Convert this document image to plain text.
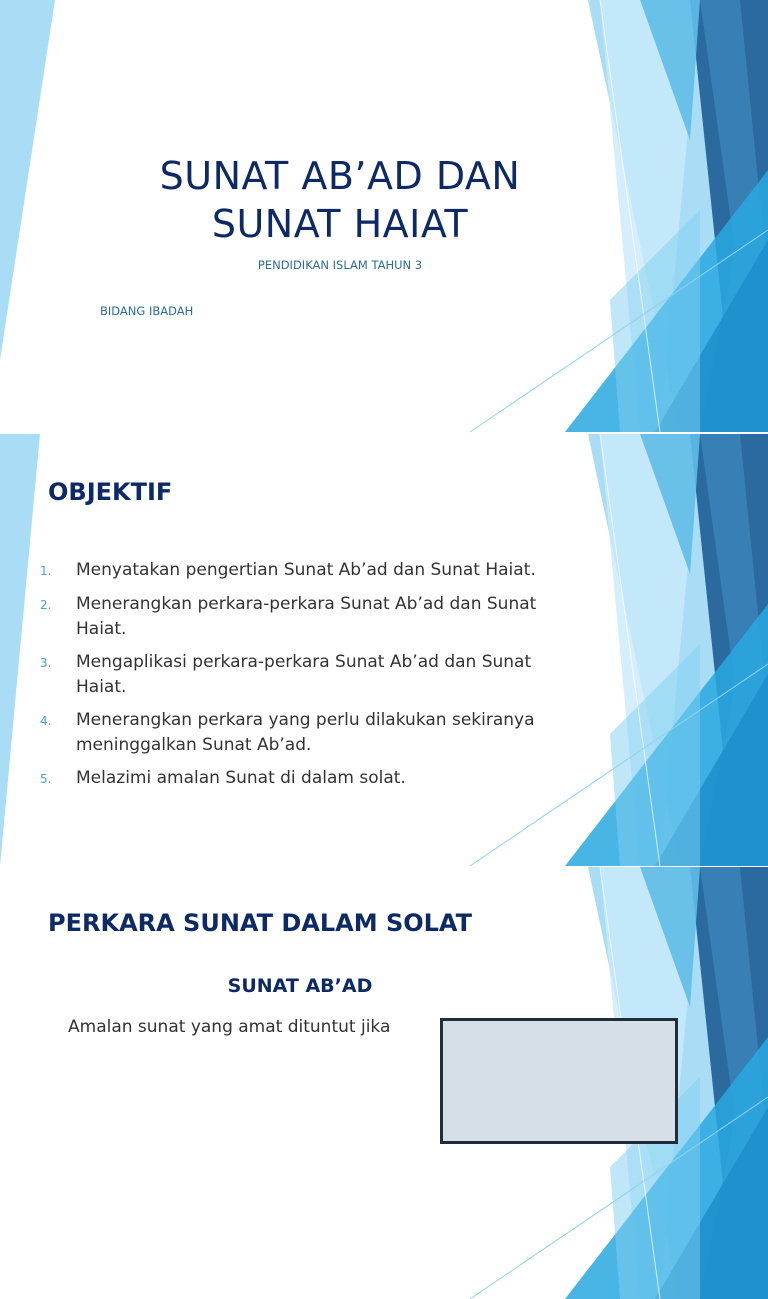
SUNAT AB’AD DAN
SUNAT HAIAT
PENDIDIKAN ISLAM TAHUN 3
BIDANG IBADAH
OBJEKTIF
1.	Menyatakan pengertian Sunat Ab’ad dan Sunat Haiat.
2.	Menerangkan perkara-perkara Sunat Ab’ad dan Sunat Haiat.
3.	Mengaplikasi perkara-perkara Sunat Ab’ad dan Sunat Haiat.
4.	Menerangkan perkara yang perlu dilakukan sekiranya meninggalkan Sunat Ab’ad.
5.	Melazimi amalan Sunat di dalam solat.
PERKARA SUNAT DALAM SOLAT
SUNAT AB’AD
Amalan sunat yang amat dituntut jika
